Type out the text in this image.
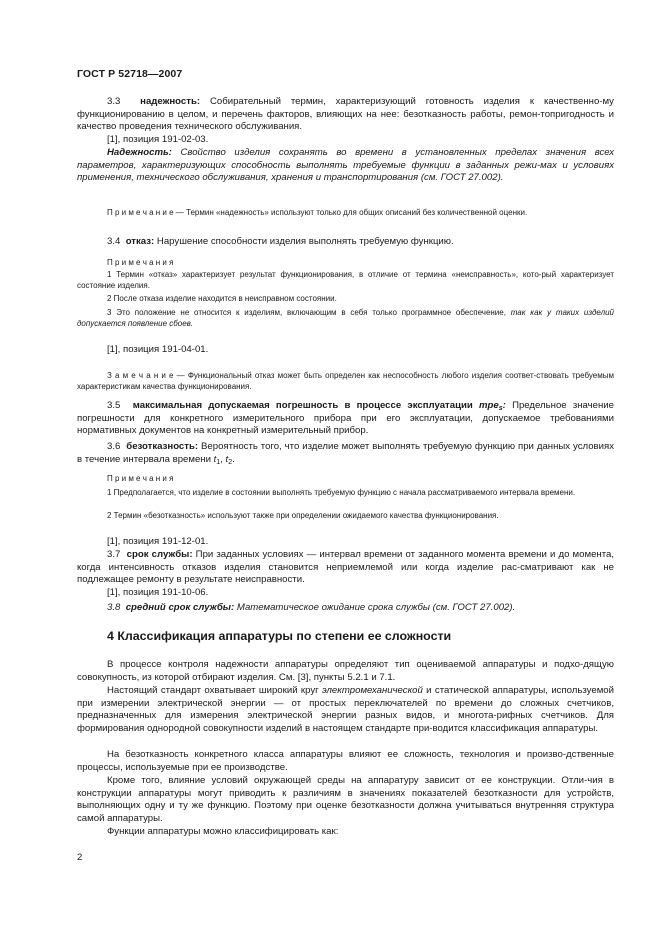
ГОСТ Р 52718—2007
3.3 надежность: Собирательный термин, характеризующий готовность изделия к качественно-му функционированию в целом, и перечень факторов, влияющих на нее: безотказность работы, ремон-топригодность и качество проведения технического обслуживания.
[1], позиция 191-02-03.
Надежность: Свойство изделия сохранять во времени в установленных пределах значения всех параметров, характеризующих способность выполнять требуемые функции в заданных режи-мах и условиях применения, технического обслуживания, хранения и транспортирования (см. ГОСТ 27.002).
П р и м е ч а н и е — Термин «надежность» используют только для общих описаний без количественной оценки.
3.4 отказ: Нарушение способности изделия выполнять требуемую функцию.
П р и м е ч а н и я
1 Термин «отказ» характеризует результат функционирования, в отличие от термина «неисправность», кото-рый характеризует состояние изделия.
2 После отказа изделие находится в неисправном состоянии.
3 Это положение не относится к изделиям, включающим в себя только программное обеспечение, так как у таких изделий допускается появление сбоев.
[1], позиция 191-04-01.
З а м е ч а н и е — Функциональный отказ может быть определен как неспособность любого изделия соответ-ствовать требуемым характеристикам качества функционирования.
3.5 максимальная допускаемая погрешность в процессе эксплуатации mpe$_s$: Предельное значение погрешности для конкретного измерительного прибора при его эксплуатации, допускаемое требованиями нормативных документов на конкретный измерительный прибор.
3.6 безотказность: Вероятность того, что изделие может выполнять требуемую функцию при данных условиях в течение интервала времени $t_1$, $t_2$.
П р и м е ч а н и я
1 Предполагается, что изделие в состоянии выполнять требуемую функцию с начала рассматриваемого интервала времени.
2 Термин «безотказность» используют также при определении ожидаемого качества функционирования.
[1], позиция 191-12-01.
3.7 срок службы: При заданных условиях — интервал времени от заданного момента времени и до момента, когда интенсивность отказов изделия становится неприемлемой или когда изделие рас-сматривают как не подлежащее ремонту в результате неисправности.
[1], позиция 191-10-06.
3.8 средний срок службы: Математическое ожидание срока службы (см. ГОСТ 27.002).
4 Классификация аппаратуры по степени ее сложности
В процессе контроля надежности аппаратуры определяют тип оцениваемой аппаратуры и подхо-дящую совокупность, из которой отбирают изделия. См. [3], пункты 5.2.1 и 7.1.
Настоящий стандарт охватывает широкий круг электромеханической и статической аппаратуры, используемой при измерении электрической энергии — от простых переключателей по времени до сложных счетчиков, предназначенных для измерения электрической энергии разных видов, и многота-рифных счетчиков. Для формирования однородной совокупности изделий в настоящем стандарте при-водится классификация аппаратуры.
На безотказность конкретного класса аппаратуры влияют ее сложность, технология и произво-дственные процессы, используемые при ее производстве.
Кроме того, влияние условий окружающей среды на аппаратуру зависит от ее конструкции. Отли-чия в конструкции аппаратуры могут приводить к различиям в значениях показателей безотказности для устройств, выполняющих одну и ту же функцию. Поэтому при оценке безотказности должна учитываться внутренняя структура самой аппаратуры.
Функции аппаратуры можно классифицировать как:
2
